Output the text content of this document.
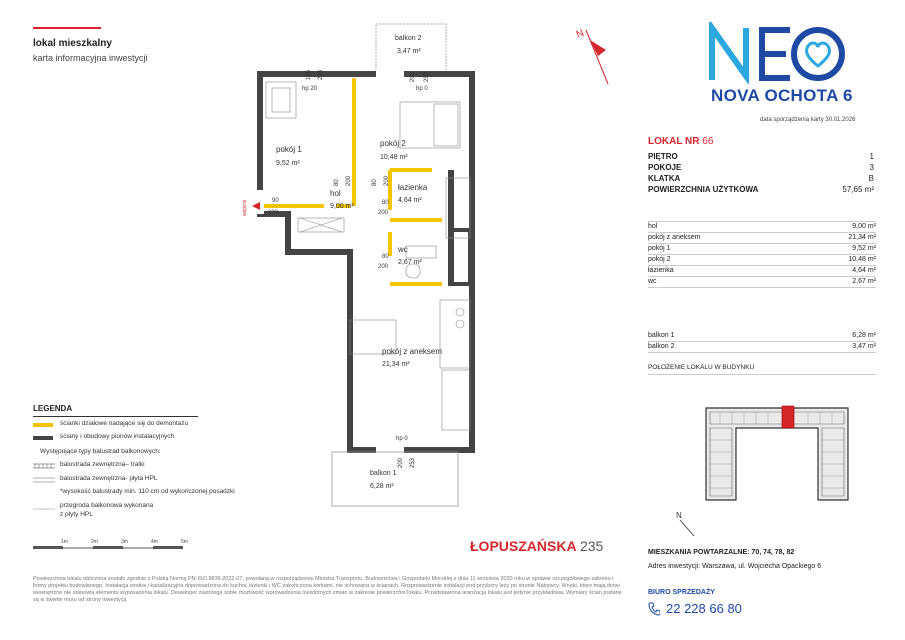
lokal mieszkalny
karta informacyjna inwestycji
N
NOVA OCHOTA 6
data sporządzenia karty 30.01.2026
LOKAL NR 66
PIĘTRO	1
POKOJE	3
KLATKA	B
POWIERZCHNIA UŻYTKOWA	57,65 m²
hol	9,00 m²
pokój z aneksem	21,34 m²
pokój 1	9,52 m²
pokój 2	10,48 m²
łazienka	4,64 m²
wc	2,67 m²
balkon 1	6,28 m²
balkon 2	3,47 m²
POŁOŻENIE LOKALU W BUDYNKU
N
MIESZKANIA POWTARZALNE: 70, 74, 78, 82
Adres inwestycji: Warszawa, ul. Wojciecha Opackiego 6
BIURO SPRZEDAŻY
22 228 66 80
ŁOPUSZAŃSKA 235
LEGENDA
ścianki działowe nadające się do demontażu
ściany i obudowy pionów instalacyjnych
Występujące typy balustrad balkonowych:
balustrada zewnętrzna– tralki
balustrada zewnętrzna- płyta HPL
*wysokość balustrady min. 110 cm od wykończonej posadzki
przegroda balkonowa wykonana
z płyty HPL
1m	2m	3m	4m	5m
Powierzchnia lokalu obliczona zostało zgodnie z Polską Normą PN-ISO 9836:2022-07, powołaną w rozporządzeniu Ministra Transportu, Budownictwa i Gospodarki Morskiej z dnia 11 września 2020 roku w sprawie szczegółowego zakresu i formy projektu budowlanego. Instalacja wodna i kanalizacyjna doprowadzona do kuchni, łazienki i WC zakończona korkami, nie schowana w ścianach. Rozprowadzenie instalacji pod przybory leży po stronie Nabywcy. Wnęki, które mają drzwi wewnętrzne nie stanowią elementu wyposażenia lokalu. Deweloper zastrzega sobie możliwość wprowadzenia nieistotnych zmian w zakresie powierzchni lokalu. Przedstawiona aranżacja lokalu jest jedynie przykładowa. Wymiary ścian podane są w świetle muru od strony inwestycji.
balkon 2
3,47 m²
balkon 1
6,28 m²
pokój 1
9,52 m²
pokój 2
10,48 m²
hol
9,00 m²
łazienka
4,64 m²
wc
2,67 m²
pokój z aneksem
21,34 m²
wejście
hp 20	hp 0
hp 0
105 223	200 253
200 253
90
200
80 200	80 200
80
200
80
200
